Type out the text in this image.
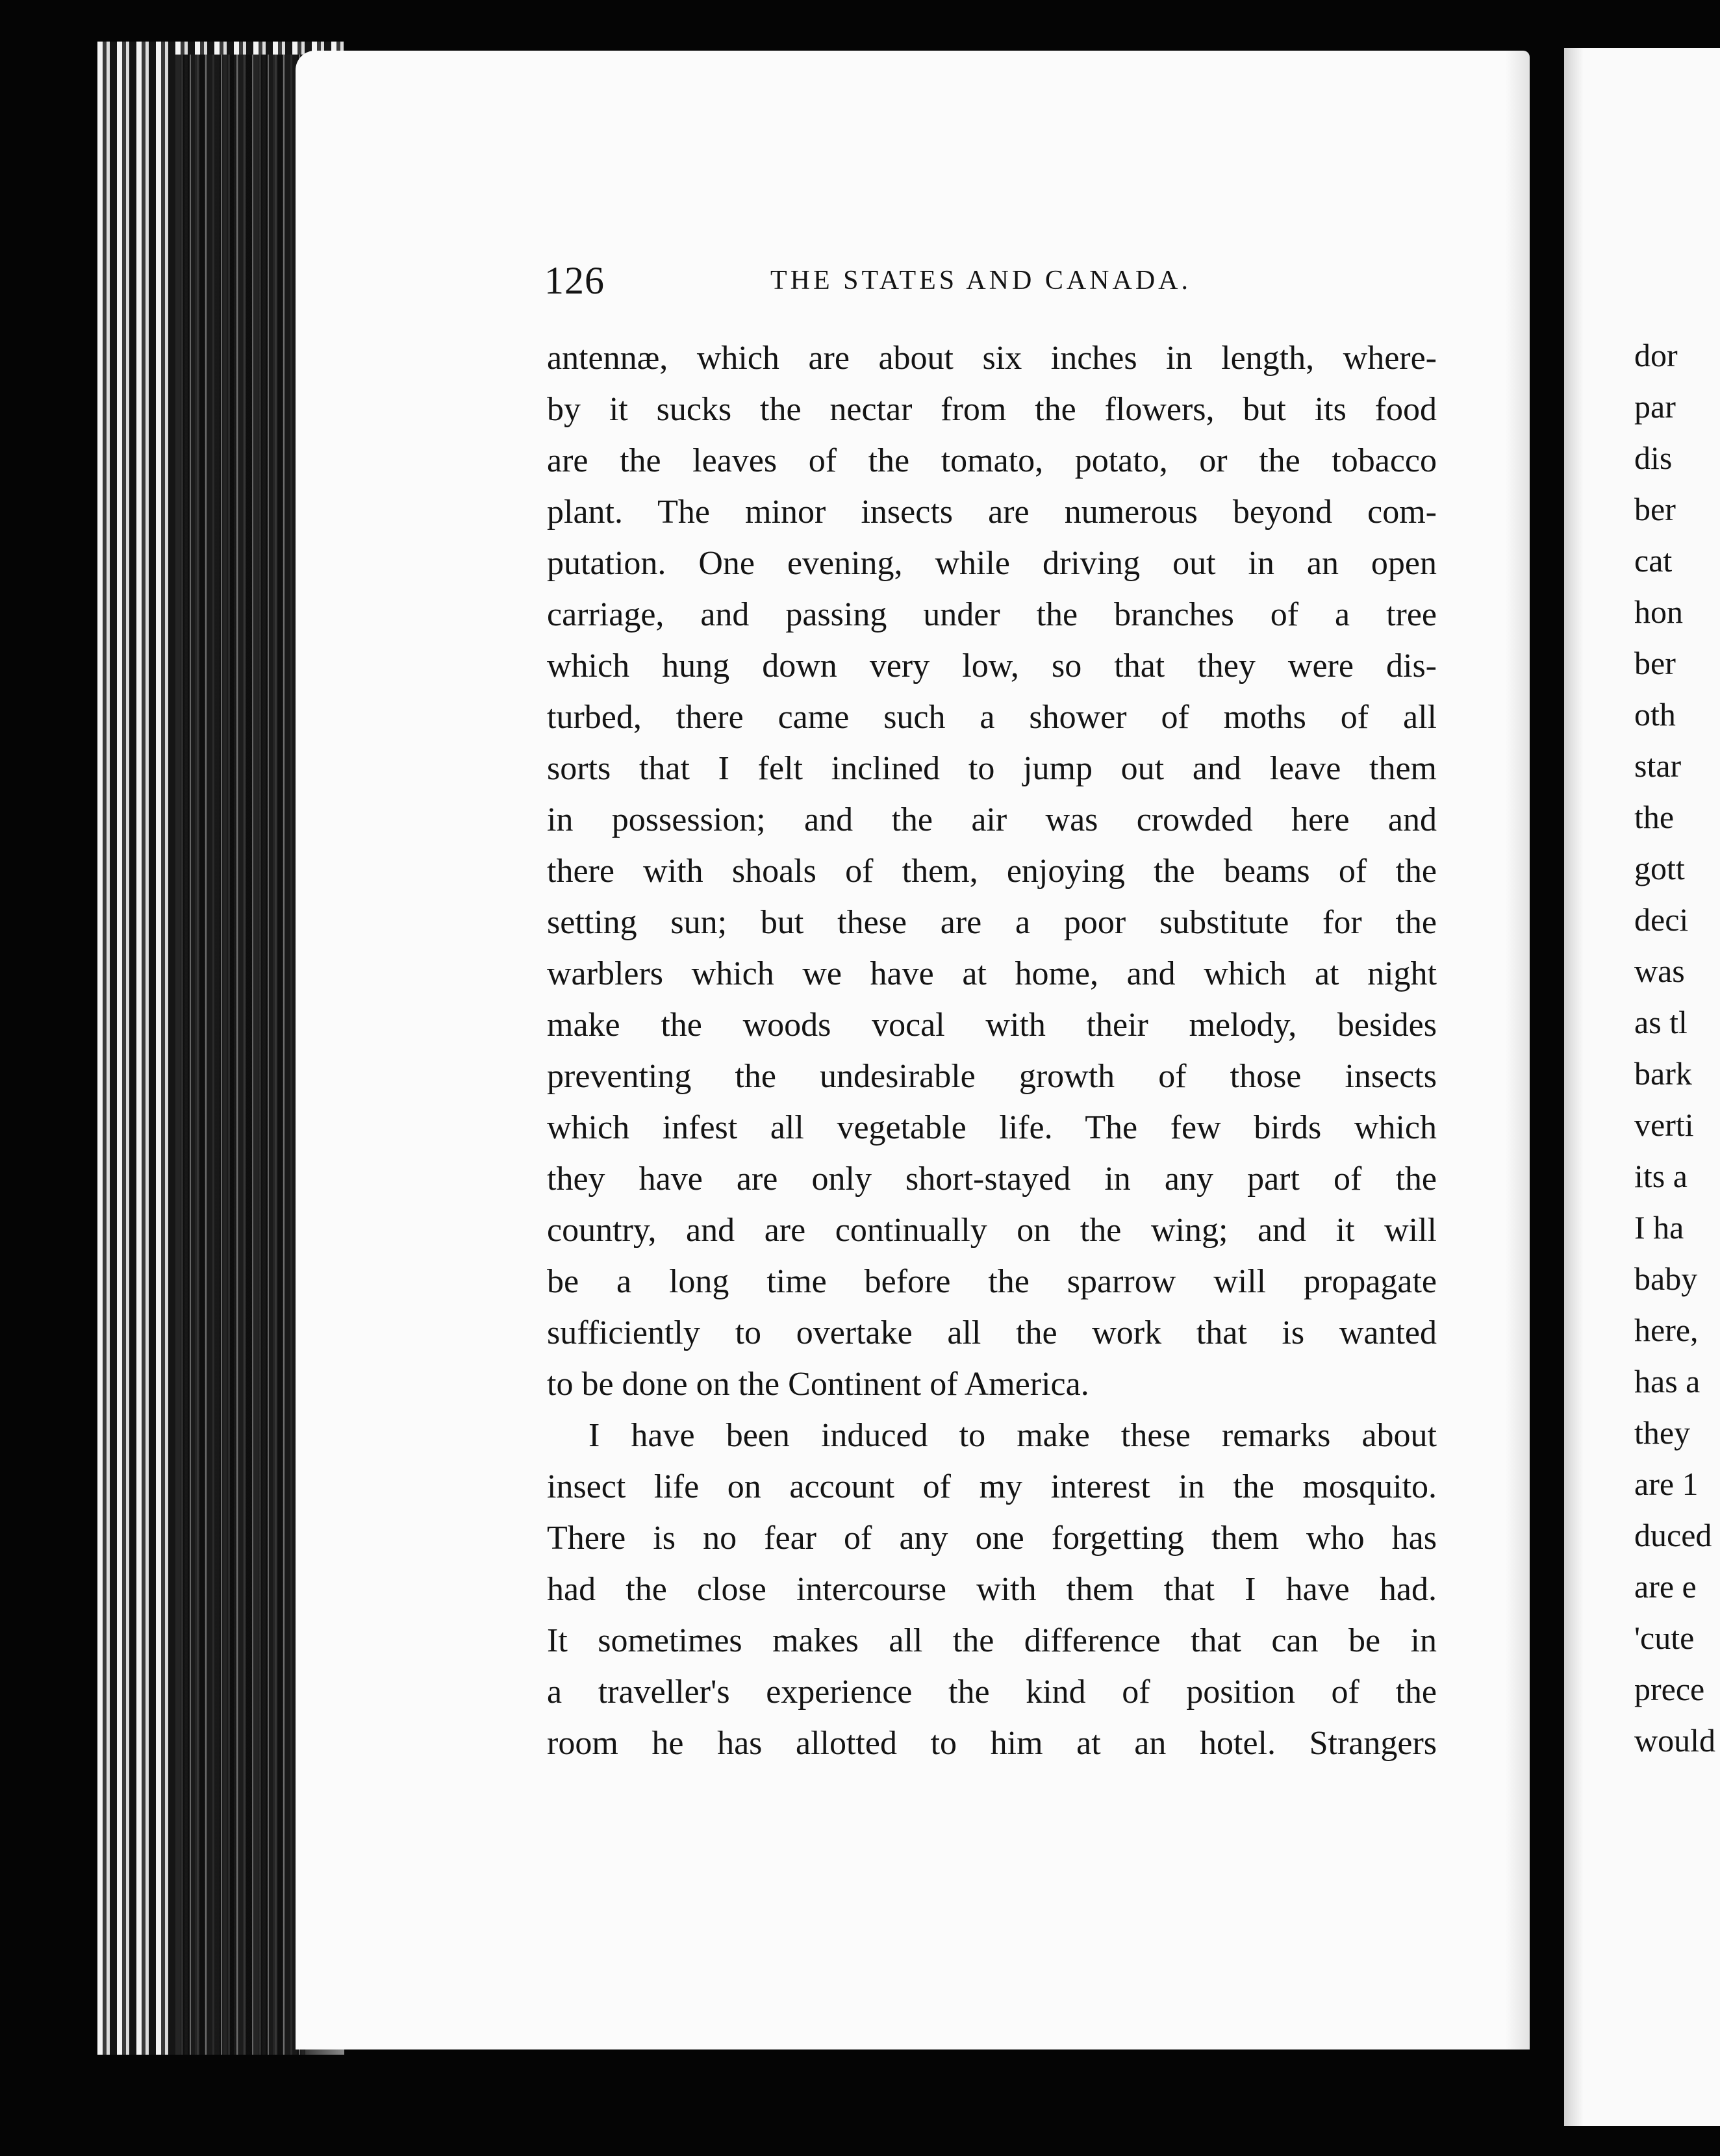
126	THE STATES AND CANADA.
antennæ, which are about six inches in length, where-
by it sucks the nectar from the flowers, but its food
are the leaves of the tomato, potato, or the tobacco
plant. The minor insects are numerous beyond com-
putation. One evening, while driving out in an open
carriage, and passing under the branches of a tree
which hung down very low, so that they were dis-
turbed, there came such a shower of moths of all
sorts that I felt inclined to jump out and leave them
in possession; and the air was crowded here and
there with shoals of them, enjoying the beams of the
setting sun; but these are a poor substitute for the
warblers which we have at home, and which at night
make the woods vocal with their melody, besides
preventing the undesirable growth of those insects
which infest all vegetable life. The few birds which
they have are only short-stayed in any part of the
country, and are continually on the wing; and it will
be a long time before the sparrow will propagate
sufficiently to overtake all the work that is wanted
to be done on the Continent of America.
I have been induced to make these remarks about
insect life on account of my interest in the mosquito.
There is no fear of any one forgetting them who has
had the close intercourse with them that I have had.
It sometimes makes all the difference that can be in
a traveller's experience the kind of position of the
room he has allotted to him at an hotel. Strangers
dor
par
dis
ber
cat
hon
ber
oth
star
the
gott
deci
was
as tl
bark
verti
its a
I ha
baby
here,
has a
they
are 1
duced
are e
'cute
prece
would
